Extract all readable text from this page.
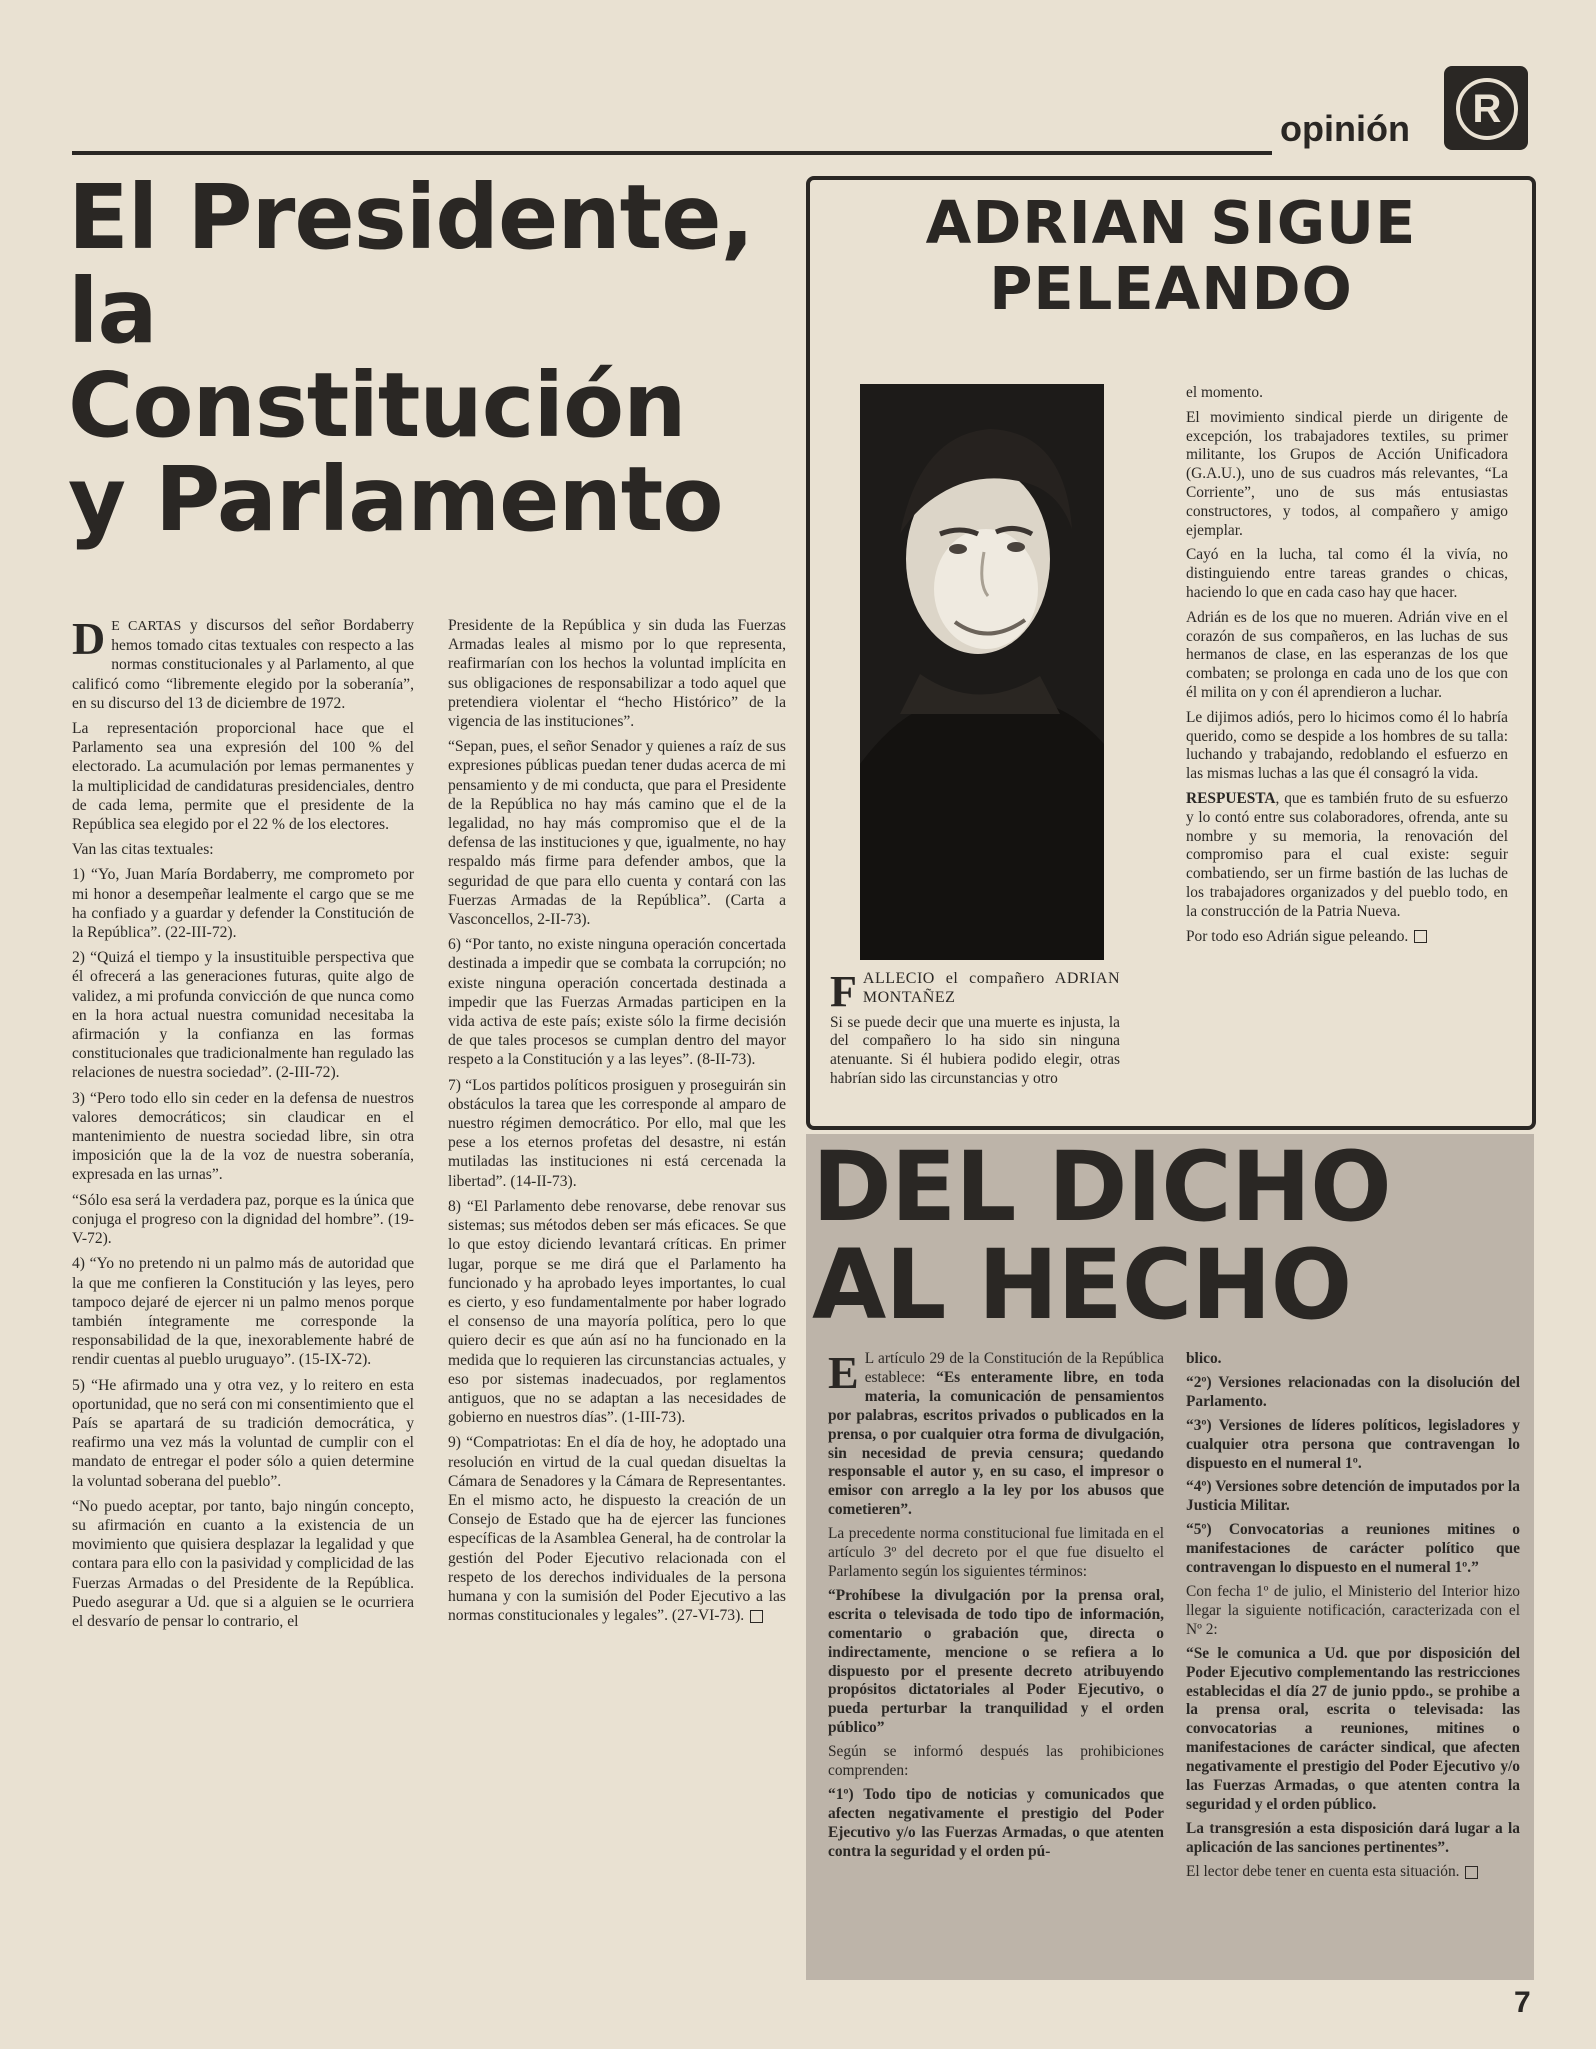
opinión	R
El Presidente,
la
Constitución
y Parlamento

D E CARTAS y discursos del señor Bordaberry hemos tomado citas textuales con respecto a las normas constitucionales y al Parlamento, al que calificó como “libremente elegido por la soberanía”, en su discurso del 13 de diciembre de 1972.

La representación proporcional hace que el Parlamento sea una expresión del 100 % del electorado. La acumulación por lemas permanentes y la multiplicidad de candidaturas presidenciales, dentro de cada lema, permite que el presidente de la República sea elegido por el 22 % de los electores.

Van las citas textuales:

1) “Yo, Juan María Bordaberry, me comprometo por mi honor a desempeñar lealmente el cargo que se me ha confiado y a guardar y defender la Constitución de la República”. (22-III-72).

2) “Quizá el tiempo y la insustituible perspectiva que él ofrecerá a las generaciones futuras, quite algo de validez, a mi profunda convicción de que nunca como en la hora actual nuestra comunidad necesitaba la afirmación y la confianza en las formas constitucionales que tradicionalmente han regulado las relaciones de nuestra sociedad”. (2-III-72).

3) “Pero todo ello sin ceder en la defensa de nuestros valores democráticos; sin claudicar en el mantenimiento de nuestra sociedad libre, sin otra imposición que la de la voz de nuestra soberanía, expresada en las urnas”.

“Sólo esa será la verdadera paz, porque es la única que conjuga el progreso con la dignidad del hombre”. (19-V-72).

4) “Yo no pretendo ni un palmo más de autoridad que la que me confieren la Constitución y las leyes, pero tampoco dejaré de ejercer ni un palmo menos porque también íntegramente me corresponde la responsabilidad de la que, inexorablemente habré de rendir cuentas al pueblo uruguayo”. (15-IX-72).

5) “He afirmado una y otra vez, y lo reitero en esta oportunidad, que no será con mi consentimiento que el País se apartará de su tradición democrática, y reafirmo una vez más la voluntad de cumplir con el mandato de entregar el poder sólo a quien determine la voluntad soberana del pueblo”.

“No puedo aceptar, por tanto, bajo ningún concepto, su afirmación en cuanto a la existencia de un movimiento que quisiera desplazar la legalidad y que contara para ello con la pasividad y complicidad de las Fuerzas Armadas o del Presidente de la República. Puedo asegurar a Ud. que si a alguien se le ocurriera el desvarío de pensar lo contrario, el

Presidente de la República y sin duda las Fuerzas Armadas leales al mismo por lo que representa, reafirmarían con los hechos la voluntad implícita en sus obligaciones de responsabilizar a todo aquel que pretendiera violentar el “hecho Histórico” de la vigencia de las instituciones”.

“Sepan, pues, el señor Senador y quienes a raíz de sus expresiones públicas puedan tener dudas acerca de mi pensamiento y de mi conducta, que para el Presidente de la República no hay más camino que el de la legalidad, no hay más compromiso que el de la defensa de las instituciones y que, igualmente, no hay respaldo más firme para defender ambos, que la seguridad de que para ello cuenta y contará con las Fuerzas Armadas de la República”. (Carta a Vasconcellos, 2-II-73).

6) “Por tanto, no existe ninguna operación concertada destinada a impedir que se combata la corrupción; no existe ninguna operación concertada destinada a impedir que las Fuerzas Armadas participen en la vida activa de este país; existe sólo la firme decisión de que tales procesos se cumplan dentro del mayor respeto a la Constitución y a las leyes”. (8-II-73).

7) “Los partidos políticos prosiguen y proseguirán sin obstáculos la tarea que les corresponde al amparo de nuestro régimen democrático. Por ello, mal que les pese a los eternos profetas del desastre, ni están mutiladas las instituciones ni está cercenada la libertad”. (14-II-73).

8) “El Parlamento debe renovarse, debe renovar sus sistemas; sus métodos deben ser más eficaces. Se que lo que estoy diciendo levantará críticas. En primer lugar, porque se me dirá que el Parlamento ha funcionado y ha aprobado leyes importantes, lo cual es cierto, y eso fundamentalmente por haber logrado el consenso de una mayoría política, pero lo que quiero decir es que aún así no ha funcionado en la medida que lo requieren las circunstancias actuales, y eso por sistemas inadecuados, por reglamentos antiguos, que no se adaptan a las necesidades de gobierno en nuestros días”. (1-III-73).

9) “Compatriotas: En el día de hoy, he adoptado una resolución en virtud de la cual quedan disueltas la Cámara de Senadores y la Cámara de Representantes. En el mismo acto, he dispuesto la creación de un Consejo de Estado que ha de ejercer las funciones específicas de la Asamblea General, ha de controlar la gestión del Poder Ejecutivo relacionada con el respeto de los derechos individuales de la persona humana y con la sumisión del Poder Ejecutivo a las normas constitucionales y legales”. (27-VI-73).

ADRIAN SIGUE
PELEANDO

FALLECIO el compañero ADRIAN MONTAÑEZ

Si se puede decir que una muerte es injusta, la del compañero lo ha sido sin ninguna atenuante. Si él hubiera podido elegir, otras habrían sido las circunstancias y otro

el momento.

El movimiento sindical pierde un dirigente de excepción, los trabajadores textiles, su primer militante, los Grupos de Acción Unificadora (G.A.U.), uno de sus cuadros más relevantes, “La Corriente”, uno de sus más entusiastas constructores, y todos, al compañero y amigo ejemplar.

Cayó en la lucha, tal como él la vivía, no distinguiendo entre tareas grandes o chicas, haciendo lo que en cada caso hay que hacer.

Adrián es de los que no mueren. Adrián vive en el corazón de sus compañeros, en las luchas de sus hermanos de clase, en las esperanzas de los que combaten; se prolonga en cada uno de los que con él milita on y con él aprendieron a luchar.

Le dijimos adiós, pero lo hicimos como él lo habría querido, como se despide a los hombres de su talla: luchando y trabajando, redoblando el esfuerzo en las mismas luchas a las que él consagró la vida.

RESPUESTA, que es también fruto de su esfuerzo y lo contó entre sus colaboradores, ofrenda, ante su nombre y su memoria, la renovación del compromiso para el cual existe: seguir combatiendo, ser un firme bastión de las luchas de los trabajadores organizados y del pueblo todo, en la construcción de la Patria Nueva.

Por todo eso Adrián sigue peleando.

DEL DICHO
AL HECHO

E L artículo 29 de la Constitución de la República establece: “Es enteramente libre, en toda materia, la comunicación de pensamientos por palabras, escritos privados o publicados en la prensa, o por cualquier otra forma de divulgación, sin necesidad de previa censura; quedando responsable el autor y, en su caso, el impresor o emisor con arreglo a la ley por los abusos que cometieren”.

La precedente norma constitucional fue limitada en el artículo 3º del decreto por el que fue disuelto el Parlamento según los siguientes términos:

“Prohíbese la divulgación por la prensa oral, escrita o televisada de todo tipo de información, comentario o grabación que, directa o indirectamente, mencione o se refiera a lo dispuesto por el presente decreto atribuyendo propósitos dictatoriales al Poder Ejecutivo, o pueda perturbar la tranquilidad y el orden público”

Según se informó después las prohibiciones comprenden:

“1º) Todo tipo de noticias y comunicados que afecten negativamente el prestigio del Poder Ejecutivo y/o las Fuerzas Armadas, o que atenten contra la seguridad y el orden pú-

blico.

“2º) Versiones relacionadas con la disolución del Parlamento.

“3º) Versiones de líderes políticos, legisladores y cualquier otra persona que contravengan lo dispuesto en el numeral 1º.

“4º) Versiones sobre detención de imputados por la Justicia Militar.

“5º) Convocatorias a reuniones mitines o manifestaciones de carácter político que contravengan lo dispuesto en el numeral 1º.”

Con fecha 1º de julio, el Ministerio del Interior hizo llegar la siguiente notificación, caracterizada con el Nº 2:

“Se le comunica a Ud. que por disposición del Poder Ejecutivo complementando las restricciones establecidas el día 27 de junio ppdo., se prohibe a la prensa oral, escrita o televisada: las convocatorias a reuniones, mitines o manifestaciones de carácter sindical, que afecten negativamente el prestigio del Poder Ejecutivo y/o las Fuerzas Armadas, o que atenten contra la seguridad y el orden público.

La transgresión a esta disposición dará lugar a la aplicación de las sanciones pertinentes”.

El lector debe tener en cuenta esta situación.

7
